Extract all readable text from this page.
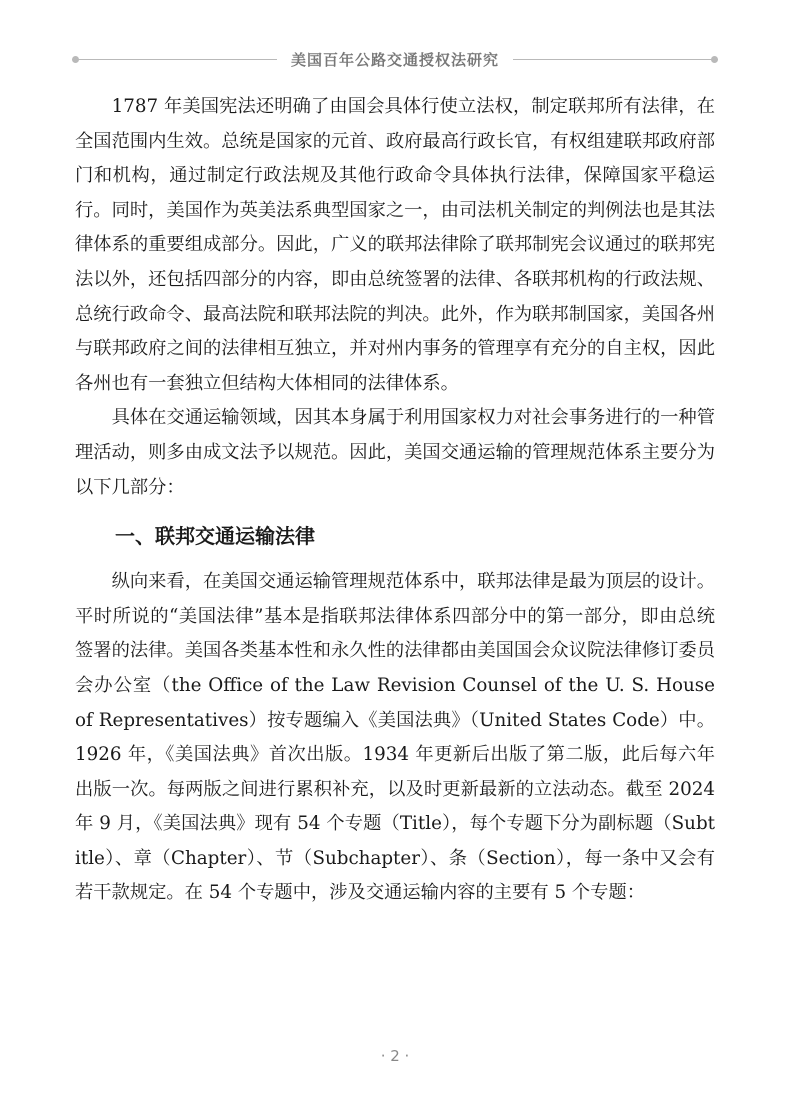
美国百年公路交通授权法研究

1787 年美国宪法还明确了由国会具体行使立法权，制定联邦所有法律，在全国范围内生效。总统是国家的元首、政府最高行政长官，有权组建联邦政府部门和机构，通过制定行政法规及其他行政命令具体执行法律，保障国家平稳运行。同时，美国作为英美法系典型国家之一，由司法机关制定的判例法也是其法律体系的重要组成部分。因此，广义的联邦法律除了联邦制宪会议通过的联邦宪法以外，还包括四部分的内容，即由总统签署的法律、各联邦机构的行政法规、总统行政命令、最高法院和联邦法院的判决。此外，作为联邦制国家，美国各州与联邦政府之间的法律相互独立，并对州内事务的管理享有充分的自主权，因此各州也有一套独立但结构大体相同的法律体系。

具体在交通运输领域，因其本身属于利用国家权力对社会事务进行的一种管理活动，则多由成文法予以规范。因此，美国交通运输的管理规范体系主要分为以下几部分：

一、联邦交通运输法律

纵向来看，在美国交通运输管理规范体系中，联邦法律是最为顶层的设计。平时所说的“美国法律”基本是指联邦法律体系四部分中的第一部分，即由总统签署的法律。美国各类基本性和永久性的法律都由美国国会众议院法律修订委员会办公室（the Office of the Law Revision Counsel of the U. S. House of Representatives）按专题编入《美国法典》（United States Code）中。1926 年，《美国法典》首次出版。1934 年更新后出版了第二版，此后每六年出版一次。每两版之间进行累积补充，以及时更新最新的立法动态。截至 2024 年 9 月，《美国法典》现有 54 个专题（Title），每个专题下分为副标题（Subtitle）、章（Chapter）、节（Subchapter）、条（Section），每一条中又会有若干款规定。在 54 个专题中，涉及交通运输内容的主要有 5 个专题：

· 2 ·
